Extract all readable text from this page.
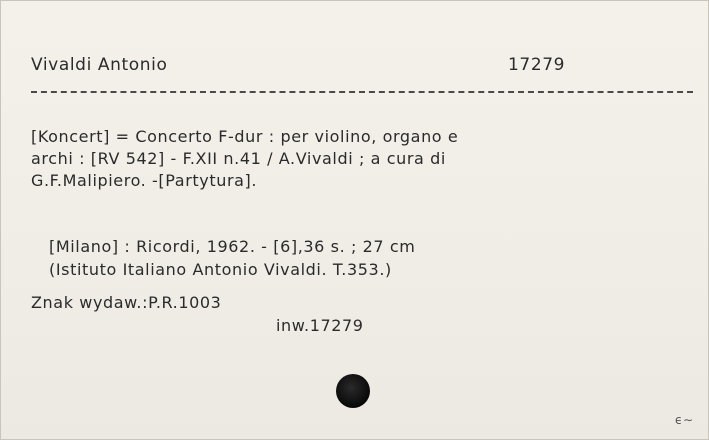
Vivaldi Antonio	17279
[Koncert] = Concerto F-dur : per violino, organo e
archi : [RV 542] - F.XII n.41 / A.Vivaldi ; a cura di
G.F.Malipiero. -[Partytura].
[Milano] : Ricordi, 1962. - [6],36 s. ; 27 cm
(Istituto Italiano Antonio Vivaldi. T.353.)
Znak wydaw.:P.R.1003
inw.17279
ϵ∼
